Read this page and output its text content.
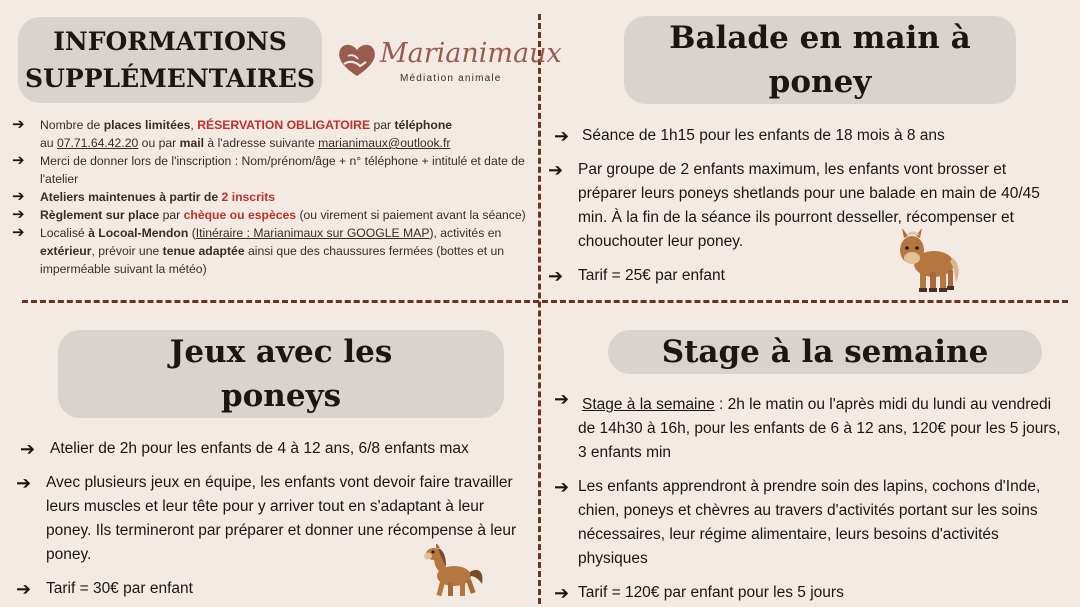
INFORMATIONS
SUPPLÉMENTAIRES
Marianimaux
Médiation animale
➔ Nombre de places limitées, RÉSERVATION OBLIGATOIRE par téléphone
au 07.71.64.42.20 ou par mail à l'adresse suivante marianimaux@outlook.fr
➔ Merci de donner lors de l'inscription : Nom/prénom/âge + n° téléphone + intitulé et date de l'atelier
➔ Ateliers maintenues à partir de 2 inscrits
➔ Règlement sur place par chèque ou espèces (ou virement si paiement avant la séance)
➔ Localisé à Locoal-Mendon (Itinéraire : Marianimaux sur GOOGLE MAP), activités en extérieur, prévoir une tenue adaptée ainsi que des chaussures fermées (bottes et un imperméable suivant la météo)
Balade en main à
poney
➔ Séance de 1h15 pour les enfants de 18 mois à 8 ans
➔ Par groupe de 2 enfants maximum, les enfants vont brosser et préparer leurs poneys shetlands pour une balade en main de 40/45 min. À la fin de la séance ils pourront desseller, récompenser et chouchouter leur poney.
➔ Tarif = 25€ par enfant
Jeux avec les
poneys
➔ Atelier de 2h pour les enfants de 4 à 12 ans, 6/8 enfants max
➔ Avec plusieurs jeux en équipe, les enfants vont devoir faire travailler leurs muscles et leur tête pour y arriver tout en s'adaptant à leur poney. Ils termineront par préparer et donner une récompense à leur poney.
➔ Tarif = 30€ par enfant
Stage à la semaine
➔ Stage à la semaine : 2h le matin ou l'après midi du lundi au vendredi de 14h30 à 16h, pour les enfants de 6 à 12 ans, 120€ pour les 5 jours, 3 enfants min
➔ Les enfants apprendront à prendre soin des lapins, cochons d'Inde, chien, poneys et chèvres au travers d'activités portant sur les soins nécessaires, leur régime alimentaire, leurs besoins d'activités physiques
➔ Tarif = 120€ par enfant pour les 5 jours
